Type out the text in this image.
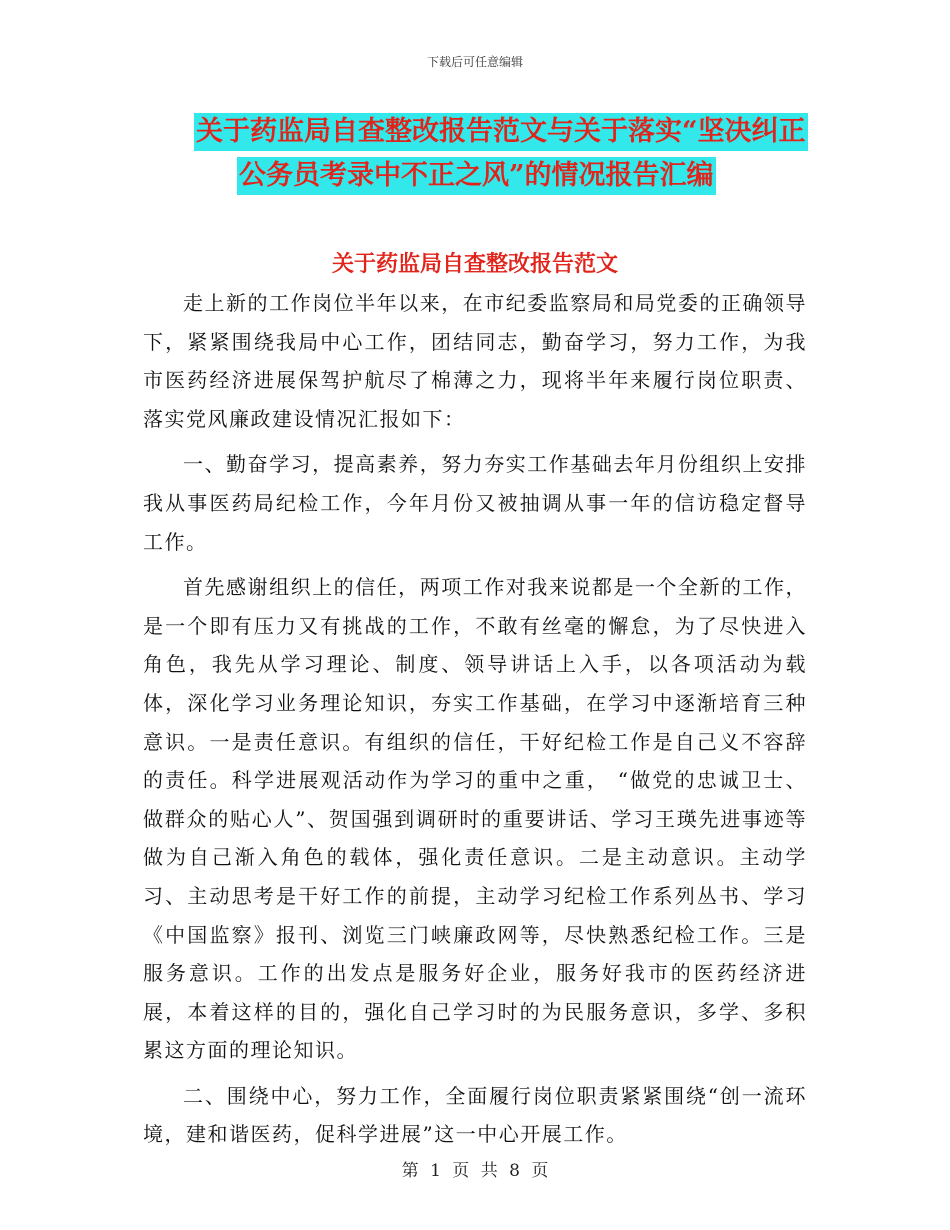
下载后可任意编辑
关于药监局自查整改报告范文与关于落实“坚决纠正
公务员考录中不正之风”的情况报告汇编
关于药监局自查整改报告范文

走上新的工作岗位半年以来，在市纪委监察局和局党委的正确领导下，紧紧围绕我局中心工作，团结同志，勤奋学习，努力工作，为我市医药经济进展保驾护航尽了棉薄之力，现将半年来履行岗位职责、落实党风廉政建设情况汇报如下：

一、勤奋学习，提高素养，努力夯实工作基础去年月份组织上安排我从事医药局纪检工作，今年月份又被抽调从事一年的信访稳定督导工作。

首先感谢组织上的信任，两项工作对我来说都是一个全新的工作，是一个即有压力又有挑战的工作，不敢有丝毫的懈怠，为了尽快进入角色，我先从学习理论、制度、领导讲话上入手，以各项活动为载体，深化学习业务理论知识，夯实工作基础，在学习中逐渐培育三种意识。一是责任意识。有组织的信任，干好纪检工作是自己义不容辞的责任。科学进展观活动作为学习的重中之重， “做党的忠诚卫士、做群众的贴心人”、贺国强到调研时的重要讲话、学习王瑛先进事迹等做为自己渐入角色的载体，强化责任意识。二是主动意识。主动学习、主动思考是干好工作的前提，主动学习纪检工作系列丛书、学习《中国监察》报刊、浏览三门峡廉政网等，尽快熟悉纪检工作。三是服务意识。工作的出发点是服务好企业，服务好我市的医药经济进展，本着这样的目的，强化自己学习时的为民服务意识，多学、多积累这方面的理论知识。

二、围绕中心，努力工作，全面履行岗位职责紧紧围绕“创一流环境，建和谐医药，促科学进展”这一中心开展工作。

第 1 页 共 8 页
